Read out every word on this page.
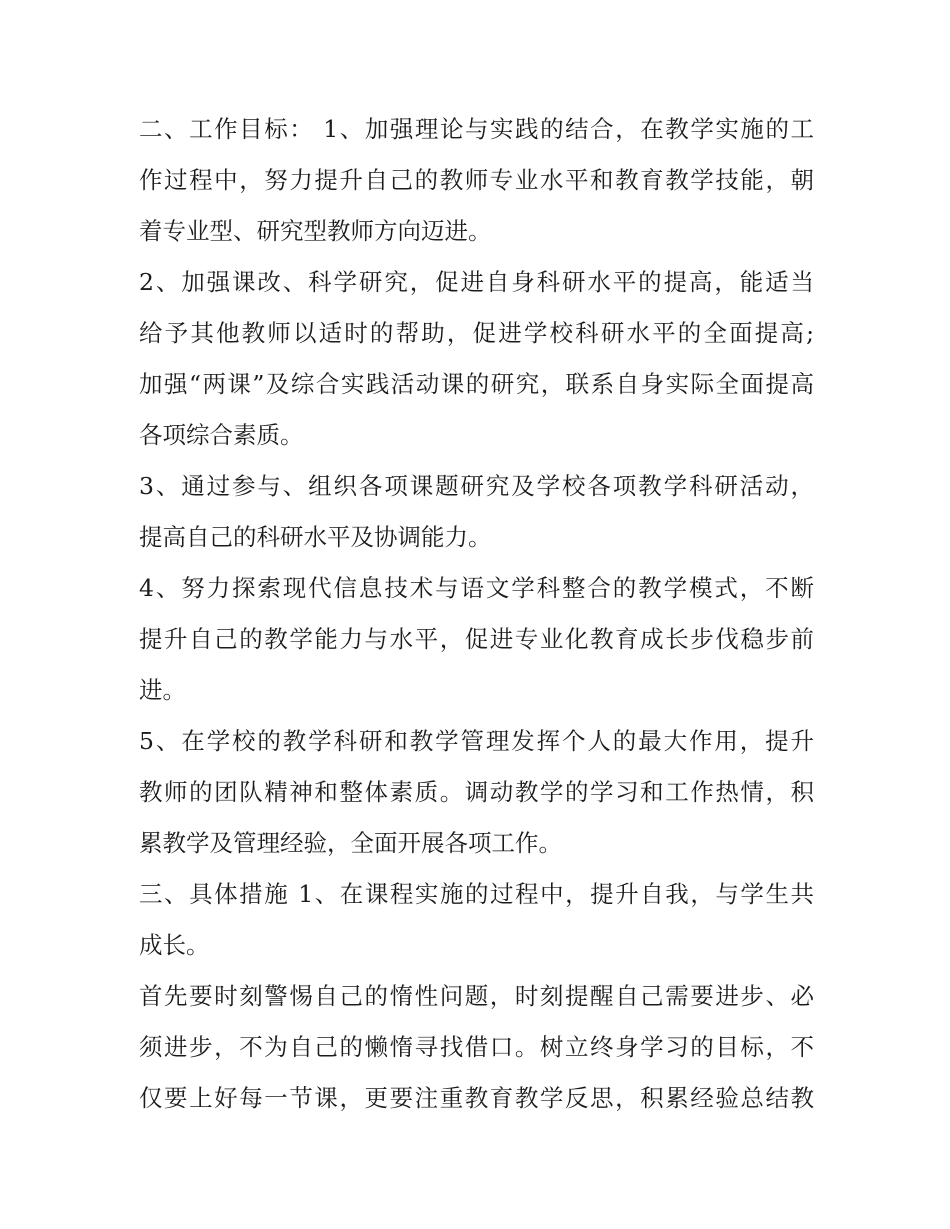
二、工作目标： 1、加强理论与实践的结合，在教学实施的工
作过程中，努力提升自己的教师专业水平和教育教学技能，朝
着专业型、研究型教师方向迈进。
2、加强课改、科学研究，促进自身科研水平的提高，能适当
给予其他教师以适时的帮助，促进学校科研水平的全面提高;
加强“两课”及综合实践活动课的研究，联系自身实际全面提高
各项综合素质。
3、通过参与、组织各项课题研究及学校各项教学科研活动，
提高自己的科研水平及协调能力。
4、努力探索现代信息技术与语文学科整合的教学模式，不断
提升自己的教学能力与水平，促进专业化教育成长步伐稳步前
进。
5、在学校的教学科研和教学管理发挥个人的最大作用，提升
教师的团队精神和整体素质。调动教学的学习和工作热情，积
累教学及管理经验，全面开展各项工作。
三、具体措施 1、在课程实施的过程中，提升自我，与学生共
成长。
首先要时刻警惕自己的惰性问题，时刻提醒自己需要进步、必
须进步，不为自己的懒惰寻找借口。树立终身学习的目标，不
仅要上好每一节课，更要注重教育教学反思，积累经验总结教
